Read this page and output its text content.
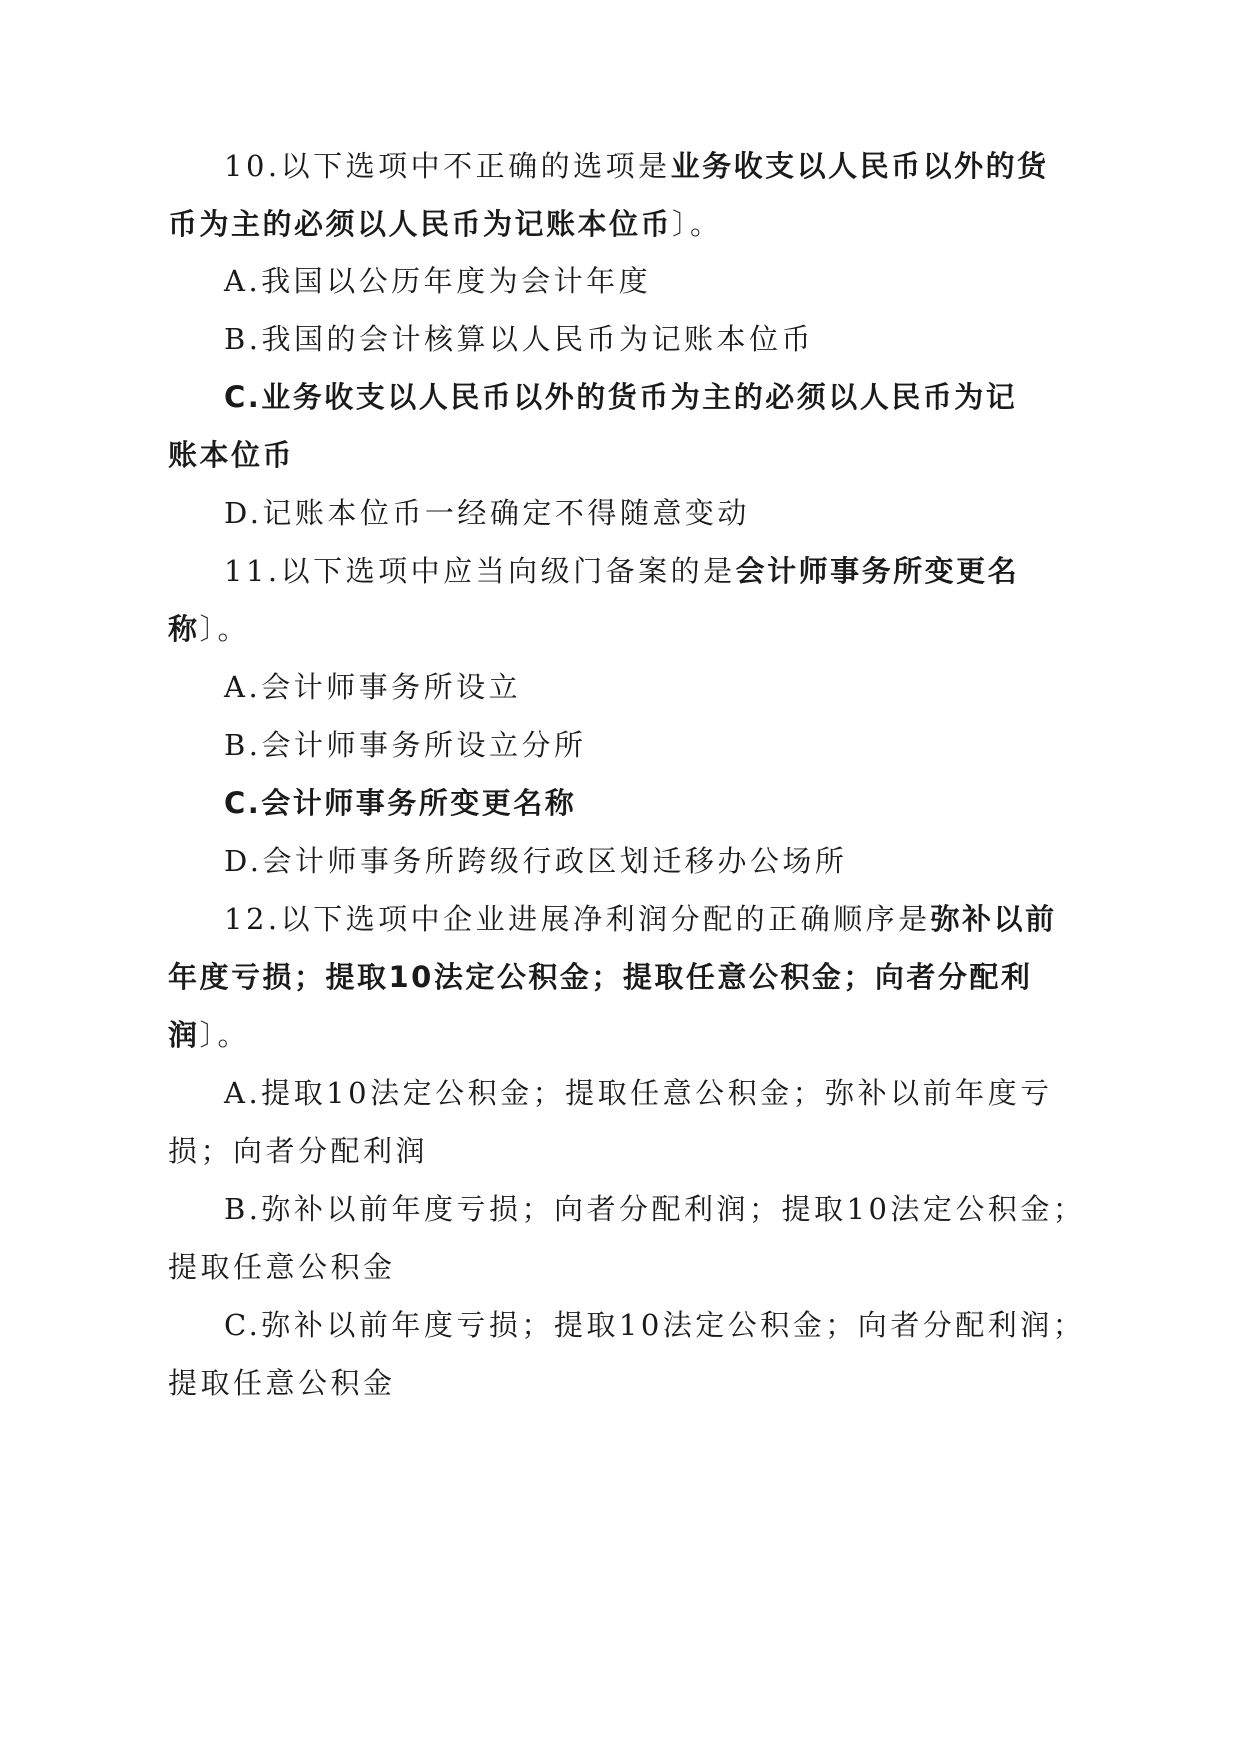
10.以下选项中不正确的选项是业务收支以人民币以外的货
币为主的必须以人民币为记账本位币〕。
A.我国以公历年度为会计年度
B.我国的会计核算以人民币为记账本位币
C.业务收支以人民币以外的货币为主的必须以人民币为记
账本位币
D.记账本位币一经确定不得随意变动
11.以下选项中应当向级门备案的是会计师事务所变更名
称〕。
A.会计师事务所设立
B.会计师事务所设立分所
C.会计师事务所变更名称
D.会计师事务所跨级行政区划迁移办公场所
12.以下选项中企业进展净利润分配的正确顺序是弥补以前
年度亏损；提取10法定公积金；提取任意公积金；向者分配利
润〕。
A.提取10法定公积金；提取任意公积金；弥补以前年度亏
损；向者分配利润
B.弥补以前年度亏损；向者分配利润；提取10法定公积金；
提取任意公积金
C.弥补以前年度亏损；提取10法定公积金；向者分配利润；
提取任意公积金
